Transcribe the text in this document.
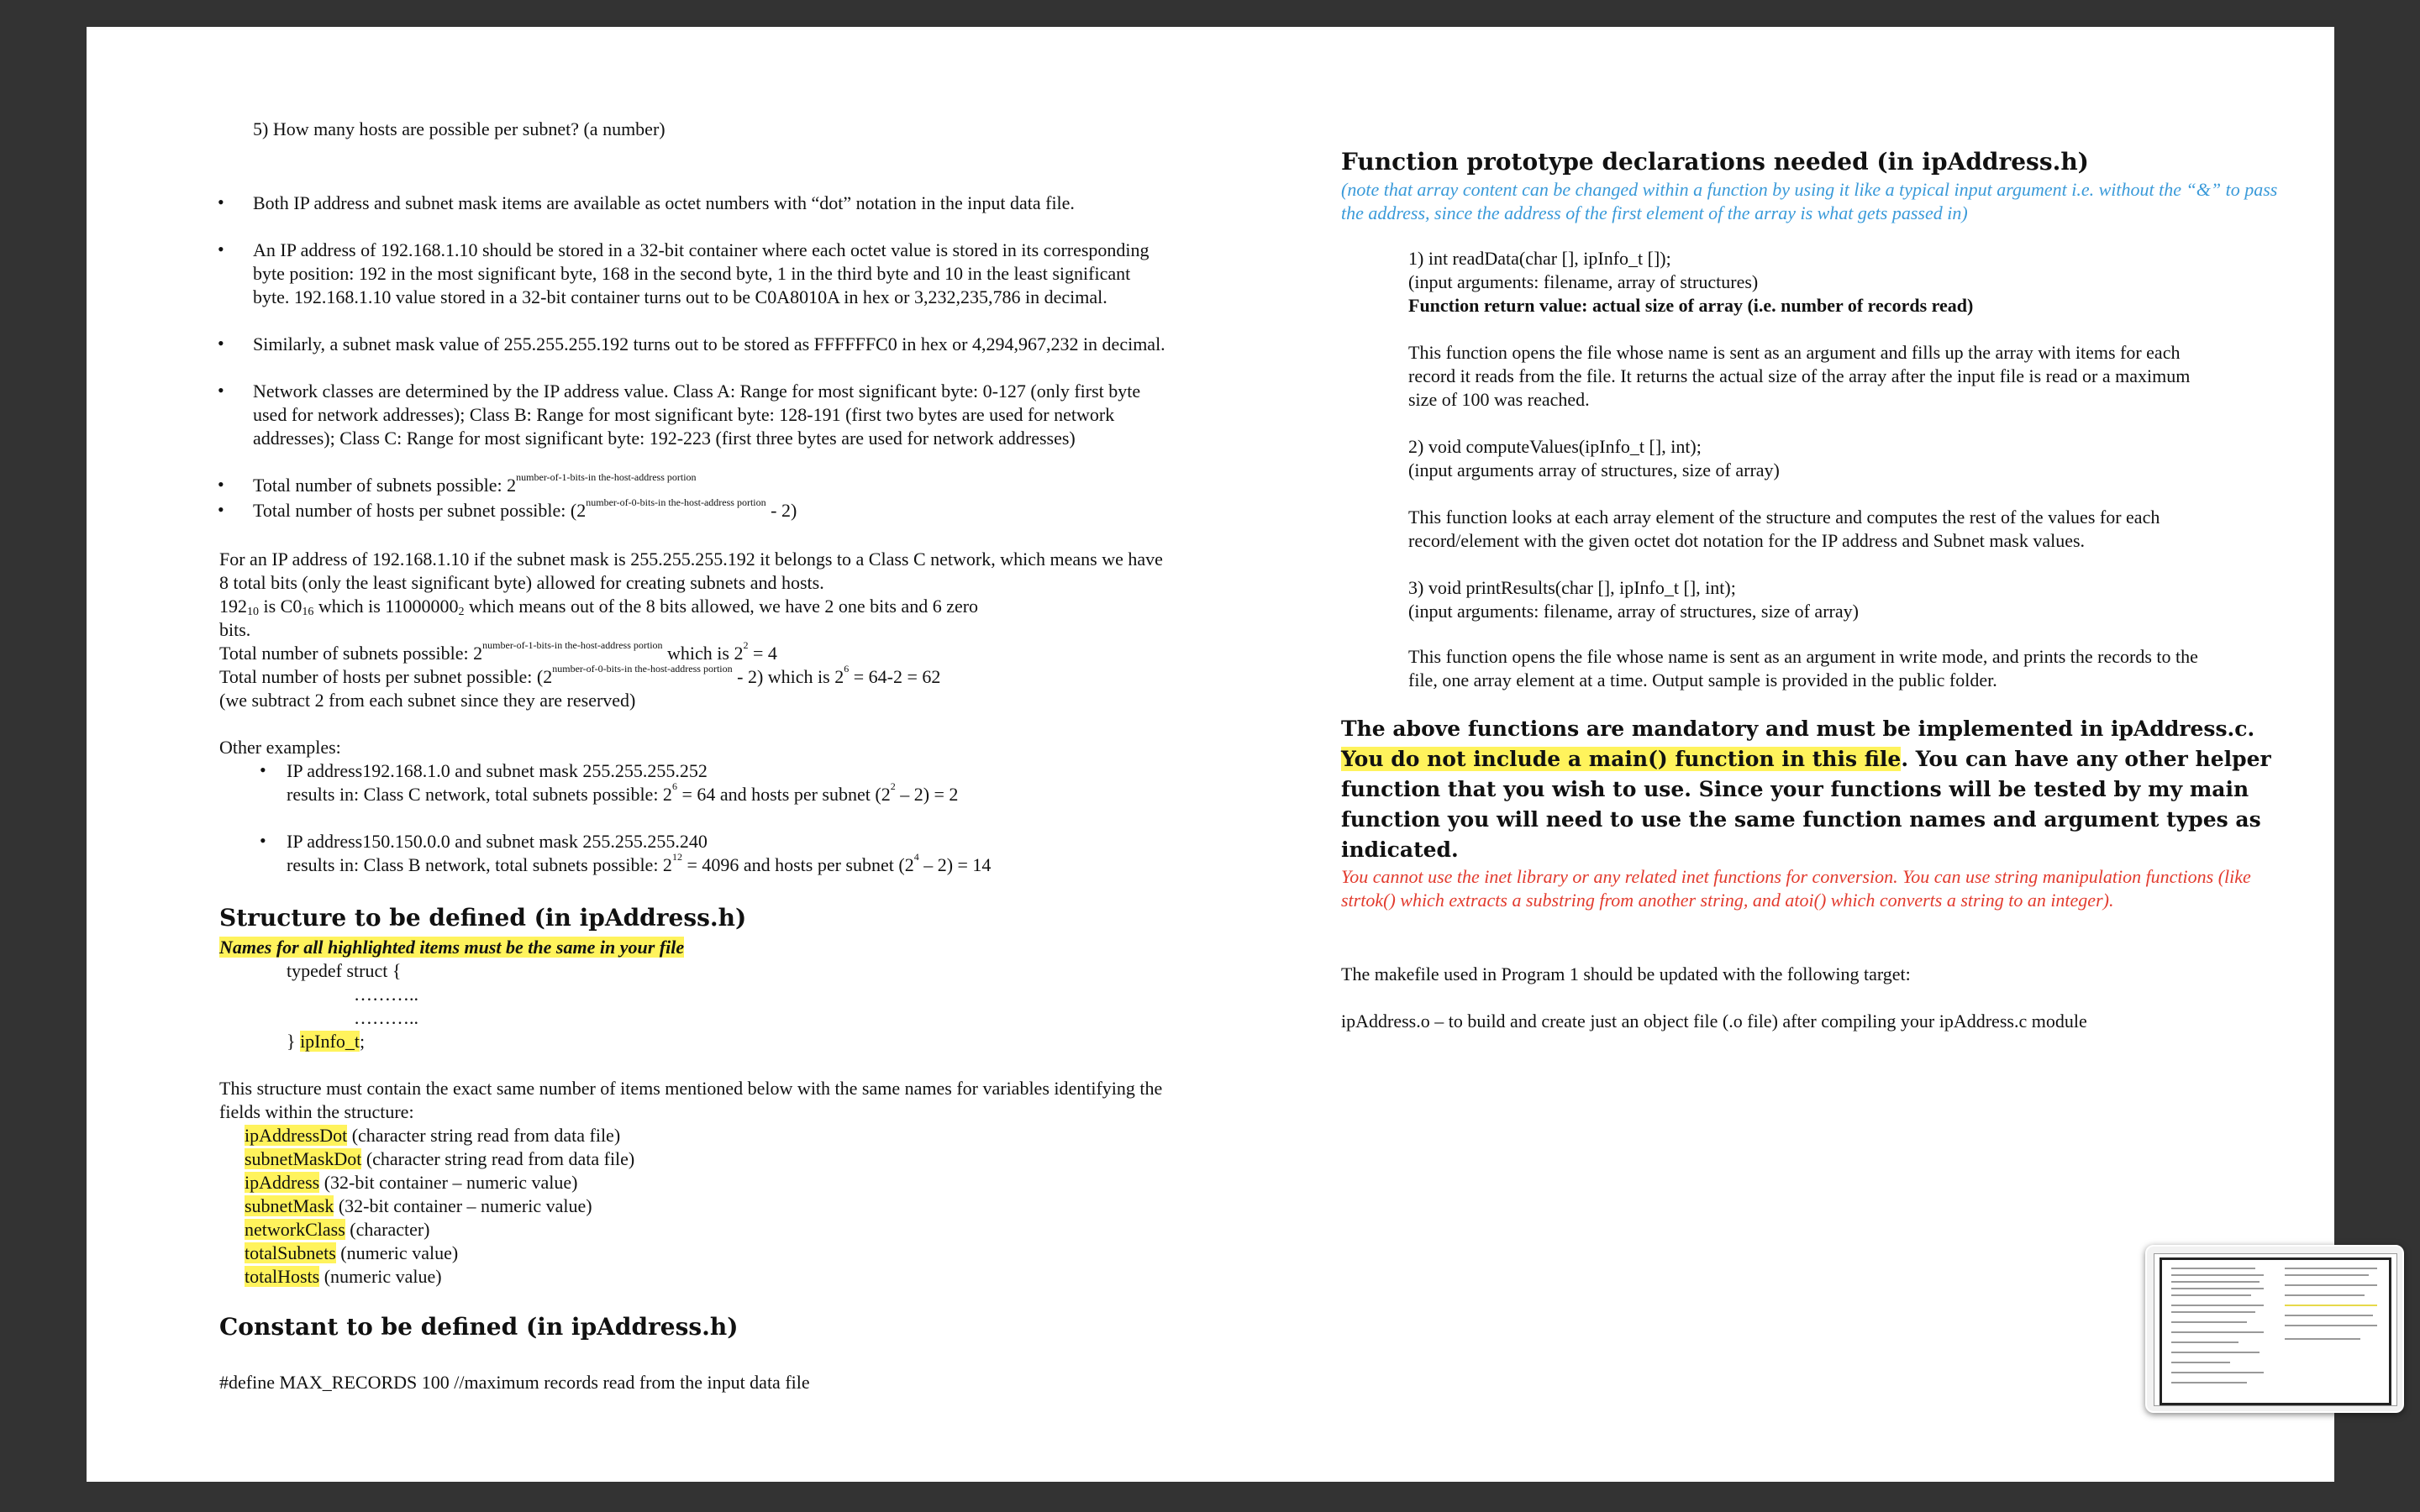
5) How many hosts are possible per subnet? (a number)
• Both IP address and subnet mask items are available as octet numbers with “dot” notation in the input data file.
• An IP address of 192.168.1.10 should be stored in a 32-bit container where each octet value is stored in its corresponding byte position: 192 in the most significant byte, 168 in the second byte, 1 in the third byte and 10 in the least significant byte. 192.168.1.10 value stored in a 32-bit container turns out to be C0A8010A in hex or 3,232,235,786 in decimal.
• Similarly, a subnet mask value of 255.255.255.192 turns out to be stored as FFFFFFC0 in hex or 4,294,967,232 in decimal.
• Network classes are determined by the IP address value. Class A: Range for most significant byte: 0-127 (only first byte used for network addresses); Class B: Range for most significant byte: 128-191 (first two bytes are used for network addresses); Class C: Range for most significant byte: 192-223 (first three bytes are used for network addresses)
• Total number of subnets possible: $2^{number-of-1-bits-in the-host-address portion}$
• Total number of hosts per subnet possible: $(2^{number-of-0-bits-in the-host-address portion} - 2)$
For an IP address of 192.168.1.10 if the subnet mask is 255.255.255.192 it belongs to a Class C network, which means we have 8 total bits (only the least significant byte) allowed for creating subnets and hosts.
19210 is C016 which is 110000002 which means out of the 8 bits allowed, we have 2 one bits and 6 zero
bits.
Total number of subnets possible: $2^{number-of-1-bits-in the-host-address portion}$ which is $2^2 = 4$
Total number of hosts per subnet possible: $(2^{number-of-0-bits-in the-host-address portion} - 2)$ which is $2^6 = 64-2 = 62$
(we subtract 2 from each subnet since they are reserved)
Other examples:
• IP address192.168.1.0 and subnet mask 255.255.255.252
results in: Class C network, total subnets possible: $2^6 = 64$ and hosts per subnet $(2^2 - 2) = 2$
• IP address150.150.0.0 and subnet mask 255.255.255.240
results in: Class B network, total subnets possible: $2^{12} = 4096$ and hosts per subnet $(2^4 - 2) = 14$
Structure to be defined (in ipAddress.h)
Names for all highlighted items must be the same in your file
typedef struct {
………..
………..
} ipInfo_t;
This structure must contain the exact same number of items mentioned below with the same names for variables identifying the fields within the structure:
ipAddressDot (character string read from data file)
subnetMaskDot (character string read from data file)
ipAddress (32-bit container – numeric value)
subnetMask (32-bit container – numeric value)
networkClass (character)
totalSubnets (numeric value)
totalHosts (numeric value)
Constant to be defined (in ipAddress.h)
#define MAX_RECORDS 100 //maximum records read from the input data file
Function prototype declarations needed (in ipAddress.h)
(note that array content can be changed within a function by using it like a typical input argument i.e. without the “&” to pass the address, since the address of the first element of the array is what gets passed in)
1) int readData(char [], ipInfo_t []);
(input arguments: filename, array of structures)
Function return value: actual size of array (i.e. number of records read)
This function opens the file whose name is sent as an argument and fills up the array with items for each record it reads from the file. It returns the actual size of the array after the input file is read or a maximum size of 100 was reached.
2) void computeValues(ipInfo_t [], int);
(input arguments array of structures, size of array)
This function looks at each array element of the structure and computes the rest of the values for each record/element with the given octet dot notation for the IP address and Subnet mask values.
3) void printResults(char [], ipInfo_t [], int);
(input arguments: filename, array of structures, size of array)
This function opens the file whose name is sent as an argument in write mode, and prints the records to the file, one array element at a time. Output sample is provided in the public folder.
The above functions are mandatory and must be implemented in ipAddress.c. You do not include a main() function in this file. You can have any other helper function that you wish to use. Since your functions will be tested by my main function you will need to use the same function names and argument types as indicated.
You cannot use the inet library or any related inet functions for conversion. You can use string manipulation functions (like strtok() which extracts a substring from another string, and atoi() which converts a string to an integer).
The makefile used in Program 1 should be updated with the following target:
ipAddress.o – to build and create just an object file (.o file) after compiling your ipAddress.c module
